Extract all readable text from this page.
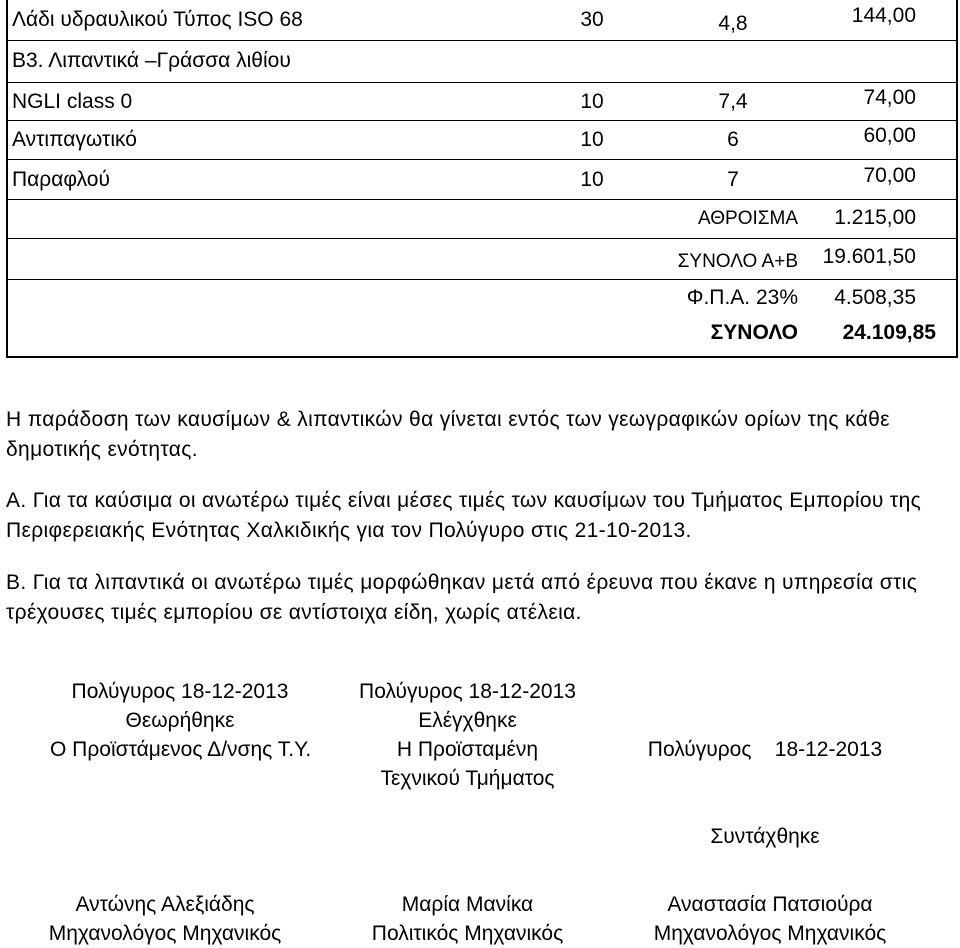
Λάδι υδραυλικού Τύπος ISO 68	30	4,8	144,00
Β3. Λιπαντικά –Γράσσα λιθίου
NGLI class 0	10	7,4	74,00
Αντιπαγωτικό	10	6	60,00
Παραφλού	10	7	70,00
ΑΘΡΟΙΣΜΑ	1.215,00
ΣΥΝΟΛΟ Α+Β	19.601,50
Φ.Π.Α. 23%	4.508,35
ΣΥΝΟΛΟ	24.109,85
Η παράδοση των καυσίμων & λιπαντικών θα γίνεται εντός των γεωγραφικών ορίων της κάθε δημοτικής ενότητας.
Α. Για τα καύσιμα οι ανωτέρω τιμές είναι μέσες τιμές των καυσίμων του Τμήματος Εμπορίου της Περιφερειακής Ενότητας Χαλκιδικής για τον Πολύγυρο στις 21-10-2013.
Β. Για τα λιπαντικά οι ανωτέρω τιμές μορφώθηκαν μετά από έρευνα που έκανε η υπηρεσία στις τρέχουσες τιμές εμπορίου σε αντίστοιχα είδη, χωρίς ατέλεια.
Πολύγυρος 18-12-2013
Θεωρήθηκε
Ο Προϊστάμενος Δ/νσης Τ.Υ.
Πολύγυρος 18-12-2013
Ελέγχθηκε
Η Προϊσταμένη
Τεχνικού Τμήματος

Πολύγυρος    18-12-2013

Συντάχθηκε

Αντώνης Αλεξιάδης
Μηχανολόγος Μηχανικός
Μαρία Μανίκα
Πολιτικός Μηχανικός
Αναστασία Πατσιούρα
Μηχανολόγος Μηχανικός
